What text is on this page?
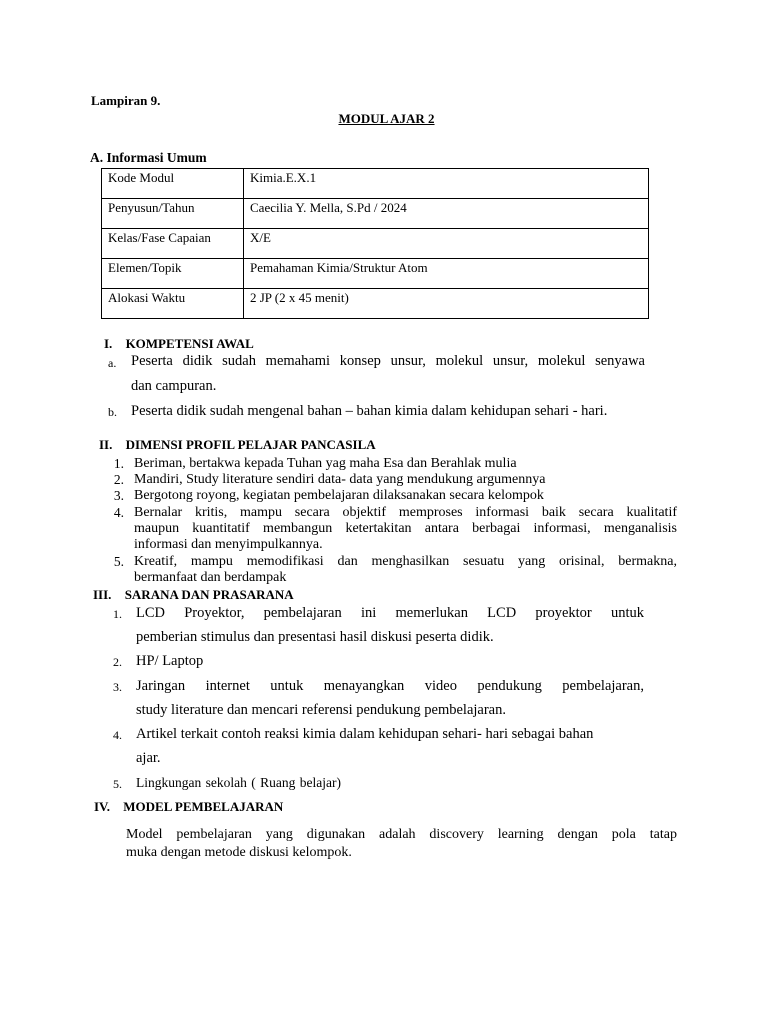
Lampiran 9.
MODUL AJAR 2
A. Informasi Umum
Kode Modul	Kimia.E.X.1
Penyusun/Tahun	Caecilia Y. Mella, S.Pd / 2024
Kelas/Fase Capaian	X/E
Elemen/Topik	Pemahaman Kimia/Struktur Atom
Alokasi Waktu	2 JP (2 x 45 menit)
I. KOMPETENSI AWAL
a. Peserta didik sudah memahami konsep unsur, molekul unsur, molekul senyawa
dan campuran.
b. Peserta didik sudah mengenal bahan – bahan kimia dalam kehidupan sehari - hari.
II. DIMENSI PROFIL PELAJAR PANCASILA
1. Beriman, bertakwa kepada Tuhan yag maha Esa dan Berahlak mulia
2. Mandiri, Study literature sendiri data- data yang mendukung argumennya
3. Bergotong royong, kegiatan pembelajaran dilaksanakan secara kelompok
4. Bernalar kritis, mampu secara objektif memproses informasi baik secara kualitatif
maupun kuantitatif membangun ketertakitan antara berbagai informasi, menganalisis
informasi dan menyimpulkannya.
5. Kreatif, mampu memodifikasi dan menghasilkan sesuatu yang orisinal, bermakna,
bermanfaat dan berdampak
III. SARANA DAN PRASARANA
1. LCD Proyektor, pembelajaran ini memerlukan LCD proyektor untuk
pemberian stimulus dan presentasi hasil diskusi peserta didik.
2. HP/ Laptop
3. Jaringan internet untuk menayangkan video pendukung pembelajaran,
study literature dan mencari referensi pendukung pembelajaran.
4. Artikel terkait contoh reaksi kimia dalam kehidupan sehari- hari sebagai bahan
ajar.
5. Lingkungan sekolah ( Ruang belajar)
IV. MODEL PEMBELAJARAN
Model pembelajaran yang digunakan adalah discovery learning dengan pola tatap
muka dengan metode diskusi kelompok.
